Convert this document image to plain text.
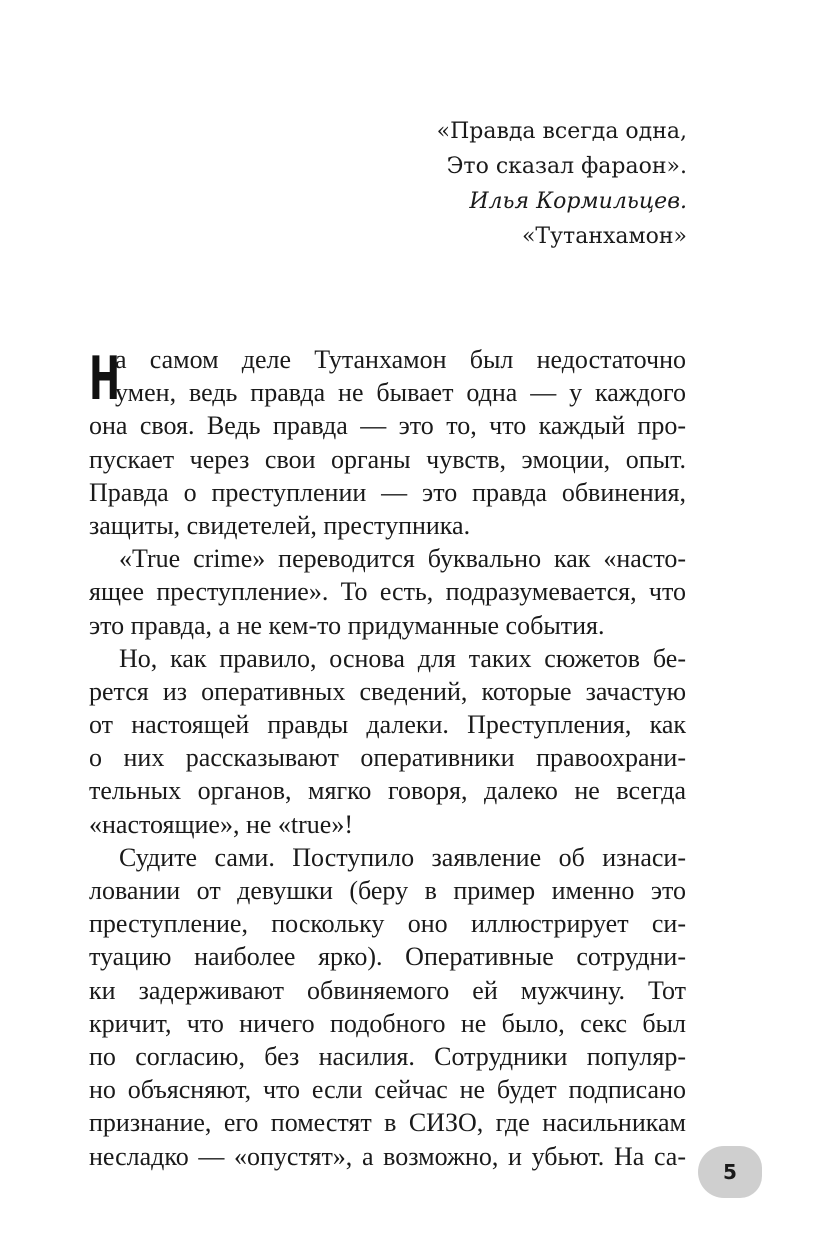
«Правда всегда одна,
Это сказал фараон».
Илья Кормильцев.
«Тутанхамон»
Н
а самом деле Тутанхамон был недостаточно
умен, ведь правда не бывает одна — у каждого
она своя. Ведь правда — это то, что каждый про-
пускает через свои органы чувств, эмоции, опыт.
Правда о преступлении — это правда обвинения,
защиты, свидетелей, преступника.
«True crime» переводится буквально как «насто-
ящее преступление». То есть, подразумевается, что
это правда, а не кем-то придуманные события.
Но, как правило, основа для таких сюжетов бе-
рется из оперативных сведений, которые зачастую
от настоящей правды далеки. Преступления, как
о них рассказывают оперативники правоохрани-
тельных органов, мягко говоря, далеко не всегда
«настоящие», не «true»!
Судите сами. Поступило заявление об изнаси-
ловании от девушки (беру в пример именно это
преступление, поскольку оно иллюстрирует си-
туацию наиболее ярко). Оперативные сотрудни-
ки задерживают обвиняемого ей мужчину. Тот
кричит, что ничего подобного не было, секс был
по согласию, без насилия. Сотрудники популяр-
но объясняют, что если сейчас не будет подписано
признание, его поместят в СИЗО, где насильникам
несладко — «опустят», а возможно, и убьют. На са-
5
